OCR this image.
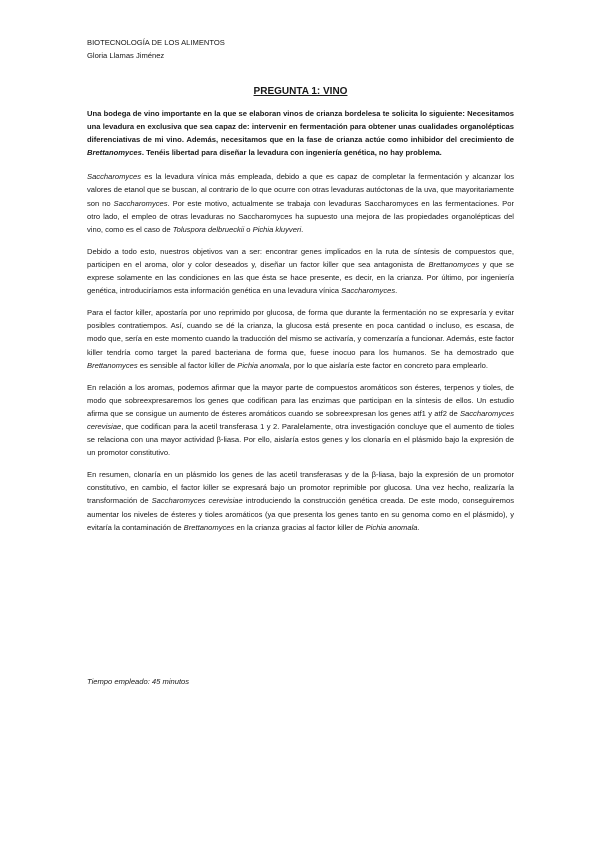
BIOTECNOLOGÍA DE LOS ALIMENTOS
Gloria Llamas Jiménez
PREGUNTA 1: VINO

Una bodega de vino importante en la que se elaboran vinos de crianza bordelesa te solicita lo siguiente: Necesitamos una levadura en exclusiva que sea capaz de: intervenir en fermentación para obtener unas cualidades organolépticas diferenciativas de mi vino. Además, necesitamos que en la fase de crianza actúe como inhibidor del crecimiento de Brettanomyces. Tenéis libertad para diseñar la levadura con ingeniería genética, no hay problema.

Saccharomyces es la levadura vínica más empleada, debido a que es capaz de completar la fermentación y alcanzar los valores de etanol que se buscan, al contrario de lo que ocurre con otras levaduras autóctonas de la uva, que mayoritariamente son no Saccharomyces. Por este motivo, actualmente se trabaja con levaduras Saccharomyces en las fermentaciones. Por otro lado, el empleo de otras levaduras no Saccharomyces ha supuesto una mejora de las propiedades organolépticas del vino, como es el caso de Toluspora delbrueckii o Pichia kluyveri.

Debido a todo esto, nuestros objetivos van a ser: encontrar genes implicados en la ruta de síntesis de compuestos que, participen en el aroma, olor y color deseados y, diseñar un factor killer que sea antagonista de Brettanomyces y que se exprese solamente en las condiciones en las que ésta se hace presente, es decir, en la crianza. Por último, por ingeniería genética, introduciríamos esta información genética en una levadura vínica Saccharomyces.

Para el factor killer, apostaría por uno reprimido por glucosa, de forma que durante la fermentación no se expresaría y evitar posibles contratiempos. Así, cuando se dé la crianza, la glucosa está presente en poca cantidad o incluso, es escasa, de modo que, sería en este momento cuando la traducción del mismo se activaría, y comenzaría a funcionar. Además, este factor killer tendría como target la pared bacteriana de forma que, fuese inocuo para los humanos. Se ha demostrado que Brettanomyces es sensible al factor killer de Pichia anomala, por lo que aislaría este factor en concreto para emplearlo.

En relación a los aromas, podemos afirmar que la mayor parte de compuestos aromáticos son ésteres, terpenos y tioles, de modo que sobreexpresaremos los genes que codifican para las enzimas que participan en la síntesis de ellos. Un estudio afirma que se consigue un aumento de ésteres aromáticos cuando se sobreexpresan los genes atf1 y atf2 de Saccharomyces cerevisiae, que codifican para la acetil transferasa 1 y 2. Paralelamente, otra investigación concluye que el aumento de tioles se relaciona con una mayor actividad β-liasa. Por ello, aislaría estos genes y los clonaría en el plásmido bajo la expresión de un promotor constitutivo.

En resumen, clonaría en un plásmido los genes de las acetil transferasas y de la β-liasa, bajo la expresión de un promotor constitutivo, en cambio, el factor killer se expresará bajo un promotor reprimible por glucosa. Una vez hecho, realizaría la transformación de Saccharomyces cerevisiae introduciendo la construcción genética creada. De este modo, conseguiremos aumentar los niveles de ésteres y tioles aromáticos (ya que presenta los genes tanto en su genoma como en el plásmido), y evitaría la contaminación de Brettanomyces en la crianza gracias al factor killer de Pichia anomala.

Tiempo empleado: 45 minutos
